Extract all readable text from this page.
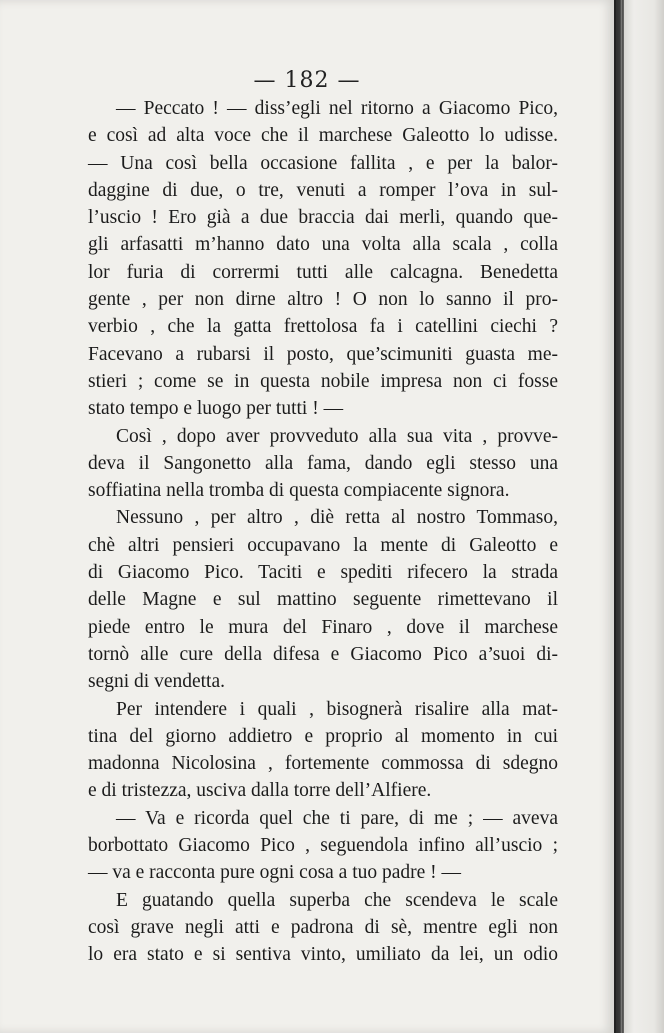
— 182 —

— Peccato ! — diss’egli nel ritorno a Giacomo Pico,
e così ad alta voce che il marchese Galeotto lo udisse.
— Una così bella occasione fallita , e per la balor-
daggine di due, o tre, venuti a romper l’ova in sul-
l’uscio ! Ero già a due braccia dai merli, quando que-
gli arfasatti m’hanno dato una volta alla scala , colla
lor furia di corrermi tutti alle calcagna. Benedetta
gente , per non dirne altro ! O non lo sanno il pro-
verbio , che la gatta frettolosa fa i catellini ciechi ?
Facevano a rubarsi il posto, que’scimuniti guasta me-
stieri ; come se in questa nobile impresa non ci fosse
stato tempo e luogo per tutti ! —
Così , dopo aver provveduto alla sua vita , provve-
deva il Sangonetto alla fama, dando egli stesso una
soffiatina nella tromba di questa compiacente signora.
Nessuno , per altro , diè retta al nostro Tommaso,
chè altri pensieri occupavano la mente di Galeotto e
di Giacomo Pico. Taciti e spediti rifecero la strada
delle Magne e sul mattino seguente rimettevano il
piede entro le mura del Finaro , dove il marchese
tornò alle cure della difesa e Giacomo Pico a’suoi di-
segni di vendetta.
Per intendere i quali , bisognerà risalire alla mat-
tina del giorno addietro e proprio al momento in cui
madonna Nicolosina , fortemente commossa di sdegno
e di tristezza, usciva dalla torre dell’Alfiere.
— Va e ricorda quel che ti pare, di me ; — aveva
borbottato Giacomo Pico , seguendola infino all’uscio ;
— va e racconta pure ogni cosa a tuo padre ! —
E guatando quella superba che scendeva le scale
così grave negli atti e padrona di sè, mentre egli non
lo era stato e si sentiva vinto, umiliato da lei, un odio
